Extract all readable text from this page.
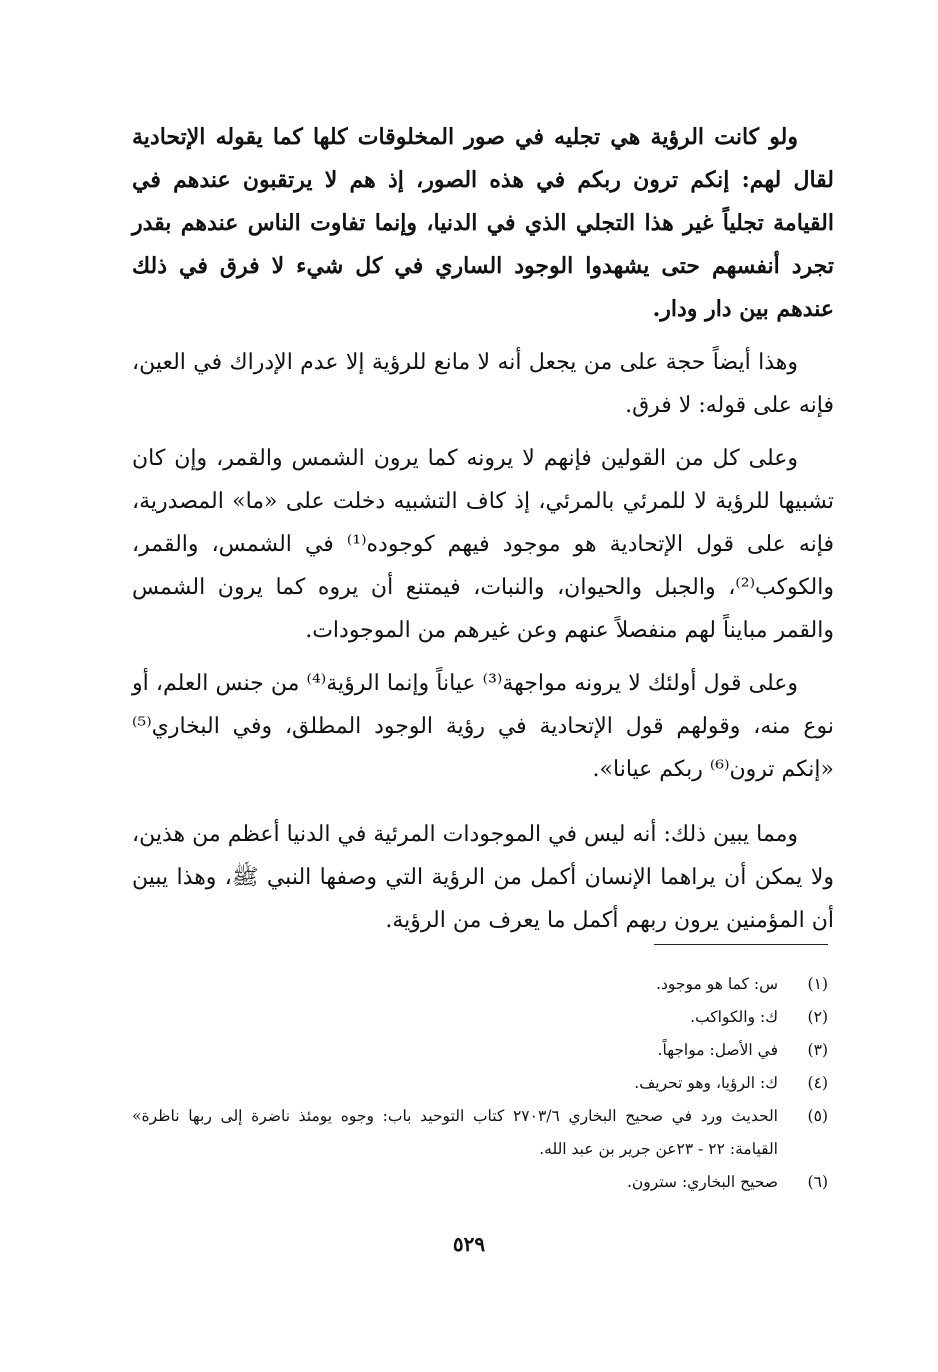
ولو كانت الرؤية هي تجليه في صور المخلوقات كلها كما يقوله الإتحادية لقال لهم: إنكم ترون ربكم في هذه الصور، إذ هم لا يرتقبون عندهم في القيامة تجلياً غير هذا التجلي الذي في الدنيا، وإنما تفاوت الناس عندهم بقدر تجرد أنفسهم حتى يشهدوا الوجود الساري في كل شيء لا فرق في ذلك عندهم بين دار ودار.

وهذا أيضاً حجة على من يجعل أنه لا مانع للرؤية إلا عدم الإدراك في العين، فإنه على قوله: لا فرق.

وعلى كل من القولين فإنهم لا يرونه كما يرون الشمس والقمر، وإن كان تشبيها للرؤية لا للمرئي بالمرئي، إذ كاف التشبيه دخلت على «ما» المصدرية، فإنه على قول الإتحادية هو موجود فيهم كوجوده⁽¹⁾ في الشمس، والقمر، والكوكب⁽²⁾، والجبل والحيوان، والنبات، فيمتنع أن يروه كما يرون الشمس والقمر مبايناً لهم منفصلاً عنهم وعن غيرهم من الموجودات.

وعلى قول أولئك لا يرونه مواجهة⁽³⁾ عياناً وإنما الرؤية⁽⁴⁾ من جنس العلم، أو نوع منه، وقولهم قول الإتحادية في رؤية الوجود المطلق، وفي البخاري⁽⁵⁾ «إنكم ترون⁽⁶⁾ ربكم عيانا».

ومما يبين ذلك: أنه ليس في الموجودات المرئية في الدنيا أعظم من هذين، ولا يمكن أن يراهما الإنسان أكمل من الرؤية التي وصفها النبي ﷺ، وهذا يبين أن المؤمنين يرون ربهم أكمل ما يعرف من الرؤية.

(١)
س: كما هو موجود.
(٢)
ك: والكواكب.
(٣)
في الأصل: مواجهاً.
(٤)
ك: الرؤيا، وهو تحريف.
(٥)
الحديث ورد في صحيح البخاري ٢٧٠٣/٦ كتاب التوحيد باب: وجوه يومئذ ناضرة إلى ربها ناظرة» القيامة: ٢٢ - ٢٣عن جرير بن عبد الله.
(٦)
صحيح البخاري: سترون.
٥٢٩
